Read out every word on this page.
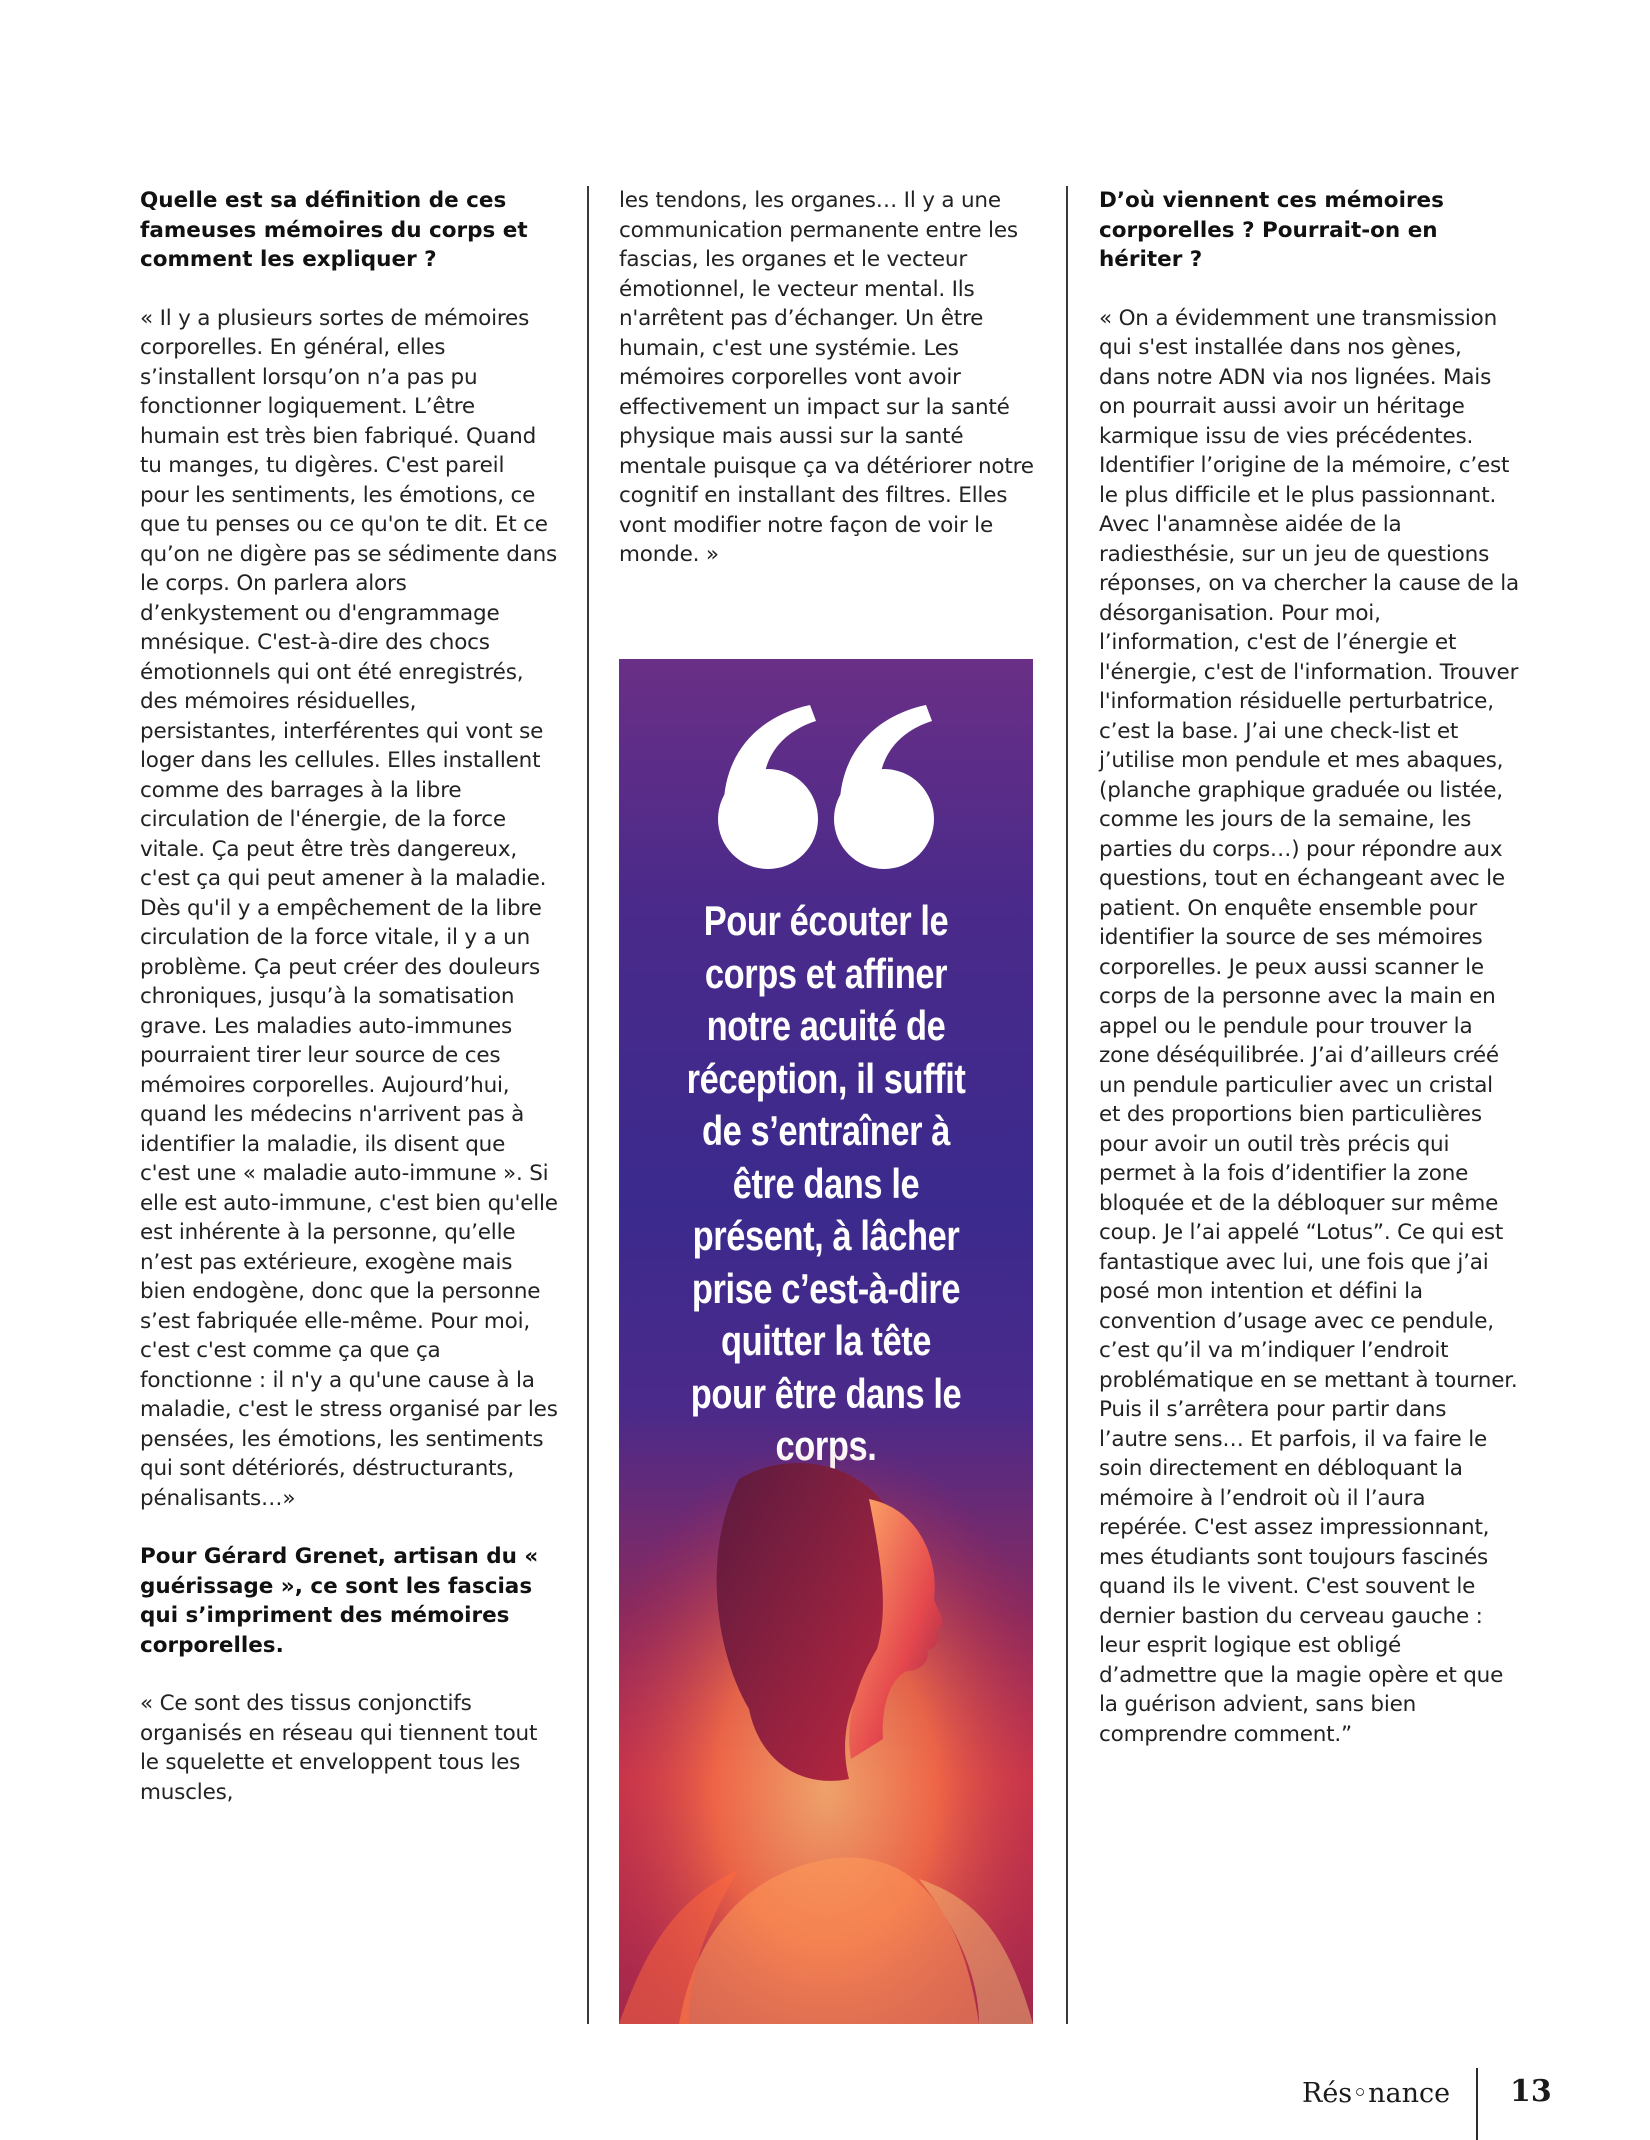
Quelle est sa définition de ces fameuses mémoires du corps et comment les expliquer ?

« Il y a plusieurs sortes de mémoires corporelles. En général, elles s’installent lorsqu’on n’a pas pu fonctionner logiquement. L’être humain est très bien fabriqué. Quand tu manges, tu digères. C'est pareil pour les sentiments, les émotions, ce que tu penses ou ce qu'on te dit. Et ce qu’on ne digère pas se sédimente dans le corps. On parlera alors d’enkystement ou d'engrammage mnésique. C'est-à-dire des chocs émotionnels qui ont été enregistrés, des mémoires résiduelles, persistantes, interférentes qui vont se loger dans les cellules. Elles installent comme des barrages à la libre circulation de l'énergie, de la force vitale. Ça peut être très dangereux, c'est ça qui peut amener à la maladie. Dès qu'il y a empêchement de la libre circulation de la force vitale, il y a un problème. Ça peut créer des douleurs chroniques, jusqu’à la somatisation grave. Les maladies auto-immunes pourraient tirer leur source de ces mémoires corporelles. Aujourd’hui, quand les médecins n'arrivent pas à identifier la maladie, ils disent que c'est une « maladie auto-immune ». Si elle est auto-immune, c'est bien qu'elle est inhérente à la personne, qu’elle n’est pas extérieure, exogène mais bien endogène, donc que la personne s’est fabriquée elle-même. Pour moi, c'est c'est comme ça que ça fonctionne : il n'y a qu'une cause à la maladie, c'est le stress organisé par les pensées, les émotions, les sentiments qui sont détériorés, déstructurants, pénalisants…»

Pour Gérard Grenet, artisan du « guérissage », ce sont les fascias qui s’impriment des mémoires corporelles.

« Ce sont des tissus conjonctifs organisés en réseau qui tiennent tout le squelette et enveloppent tous les muscles,

les tendons, les organes… Il y a une communication permanente entre les fascias, les organes et le vecteur émotionnel, le vecteur mental. Ils n'arrêtent pas d’échanger. Un être humain, c'est une systémie. Les mémoires corporelles vont avoir effectivement un impact sur la santé physique mais aussi sur la santé mentale puisque ça va détériorer notre cognitif en installant des filtres. Elles vont modifier notre façon de voir le monde. »

Pour écouter le corps et affiner notre acuité de réception, il suffit de s’entraîner à être dans le présent, à lâcher prise c’est-à-dire quitter la tête pour être dans le

D’où viennent ces mémoires corporelles ? Pourrait-on en hériter ?

« On a évidemment une transmission qui s'est installée dans nos gènes, dans notre ADN via nos lignées. Mais on pourrait aussi avoir un héritage karmique issu de vies précédentes. Identifier l’origine de la mémoire, c’est le plus difficile et le plus passionnant. Avec l'anamnèse aidée de la radiesthésie, sur un jeu de questions réponses, on va chercher la cause de la désorganisation. Pour moi, l’information, c'est de l’énergie et l'énergie, c'est de l'information. Trouver l'information résiduelle perturbatrice, c’est la base. J’ai une check-list et j’utilise mon pendule et mes abaques, (planche graphique graduée ou listée, comme les jours de la semaine, les parties du corps…) pour répondre aux questions, tout en échangeant avec le patient. On enquête ensemble pour identifier la source de ses mémoires corporelles. Je peux aussi scanner le corps de la personne avec la main en appel ou le pendule pour trouver la zone déséquilibrée. J’ai d’ailleurs créé un pendule particulier avec un cristal et des proportions bien particulières pour avoir un outil très précis qui permet à la fois d’identifier la zone bloquée et de la débloquer sur même coup. Je l’ai appelé “Lotus”. Ce qui est fantastique avec lui, une fois que j’ai posé mon intention et défini la convention d’usage avec ce pendule, c’est qu’il va m’indiquer l’endroit problématique en se mettant à tourner. Puis il s’arrêtera pour partir dans l’autre sens… Et parfois, il va faire le soin directement en débloquant la mémoire à l’endroit où il l’aura repérée. C'est assez impressionnant, mes étudiants sont toujours fascinés quand ils le vivent. C'est souvent le dernier bastion du cerveau gauche : leur esprit logique est obligé d’admettre que la magie opère et que la guérison advient, sans bien comprendre comment.”

Rés◦nance 13
